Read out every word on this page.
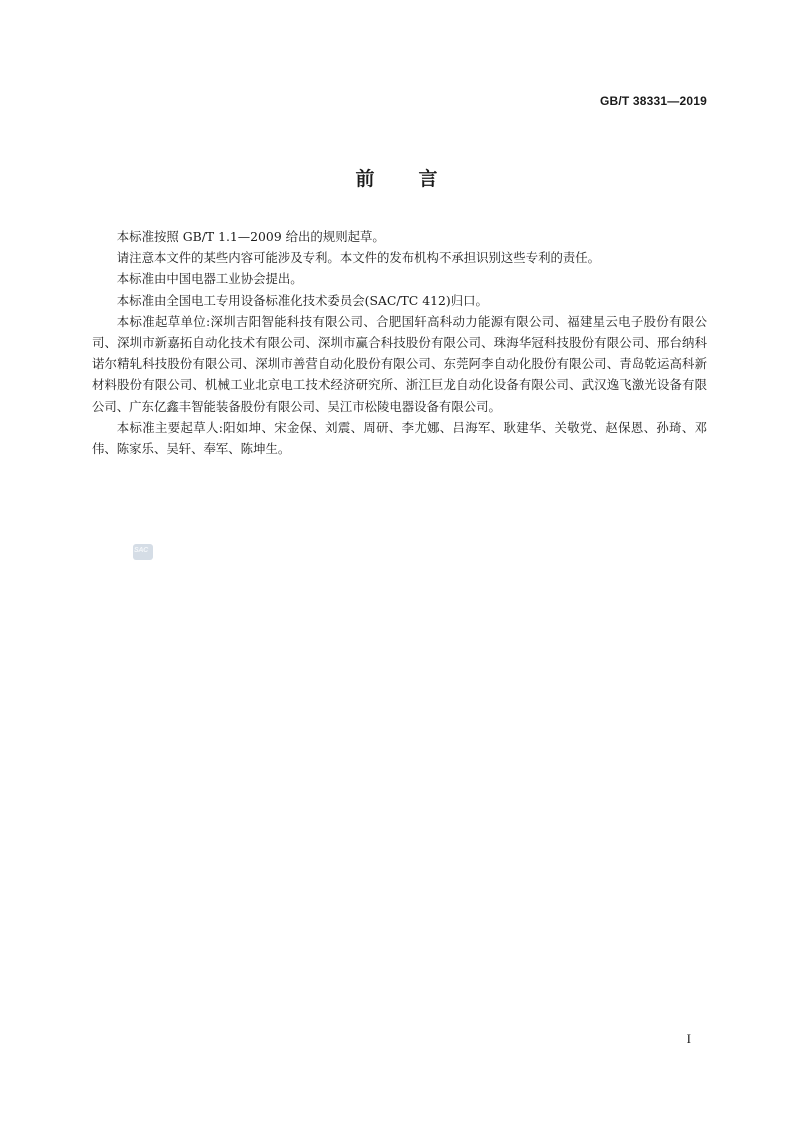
GB/T 38331—2019
前 言

本标准按照 GB/T 1.1—2009 给出的规则起草。

请注意本文件的某些内容可能涉及专利。本文件的发布机构不承担识别这些专利的责任。

本标准由中国电器工业协会提出。

本标准由全国电工专用设备标准化技术委员会(SAC/TC 412)归口。

本标准起草单位:深圳吉阳智能科技有限公司、合肥国轩高科动力能源有限公司、福建星云电子股份有限公司、深圳市新嘉拓自动化技术有限公司、深圳市赢合科技股份有限公司、珠海华冠科技股份有限公司、邢台纳科诺尔精轧科技股份有限公司、深圳市善营自动化股份有限公司、东莞阿李自动化股份有限公司、青岛乾运高科新材料股份有限公司、机械工业北京电工技术经济研究所、浙江巨龙自动化设备有限公司、武汉逸飞激光设备有限公司、广东亿鑫丰智能装备股份有限公司、吴江市松陵电器设备有限公司。

本标准主要起草人:阳如坤、宋金保、刘震、周研、李尤娜、吕海军、耿建华、关敬党、赵保恩、孙琦、邓伟、陈家乐、吴轩、奉军、陈坤生。

SAC
I
